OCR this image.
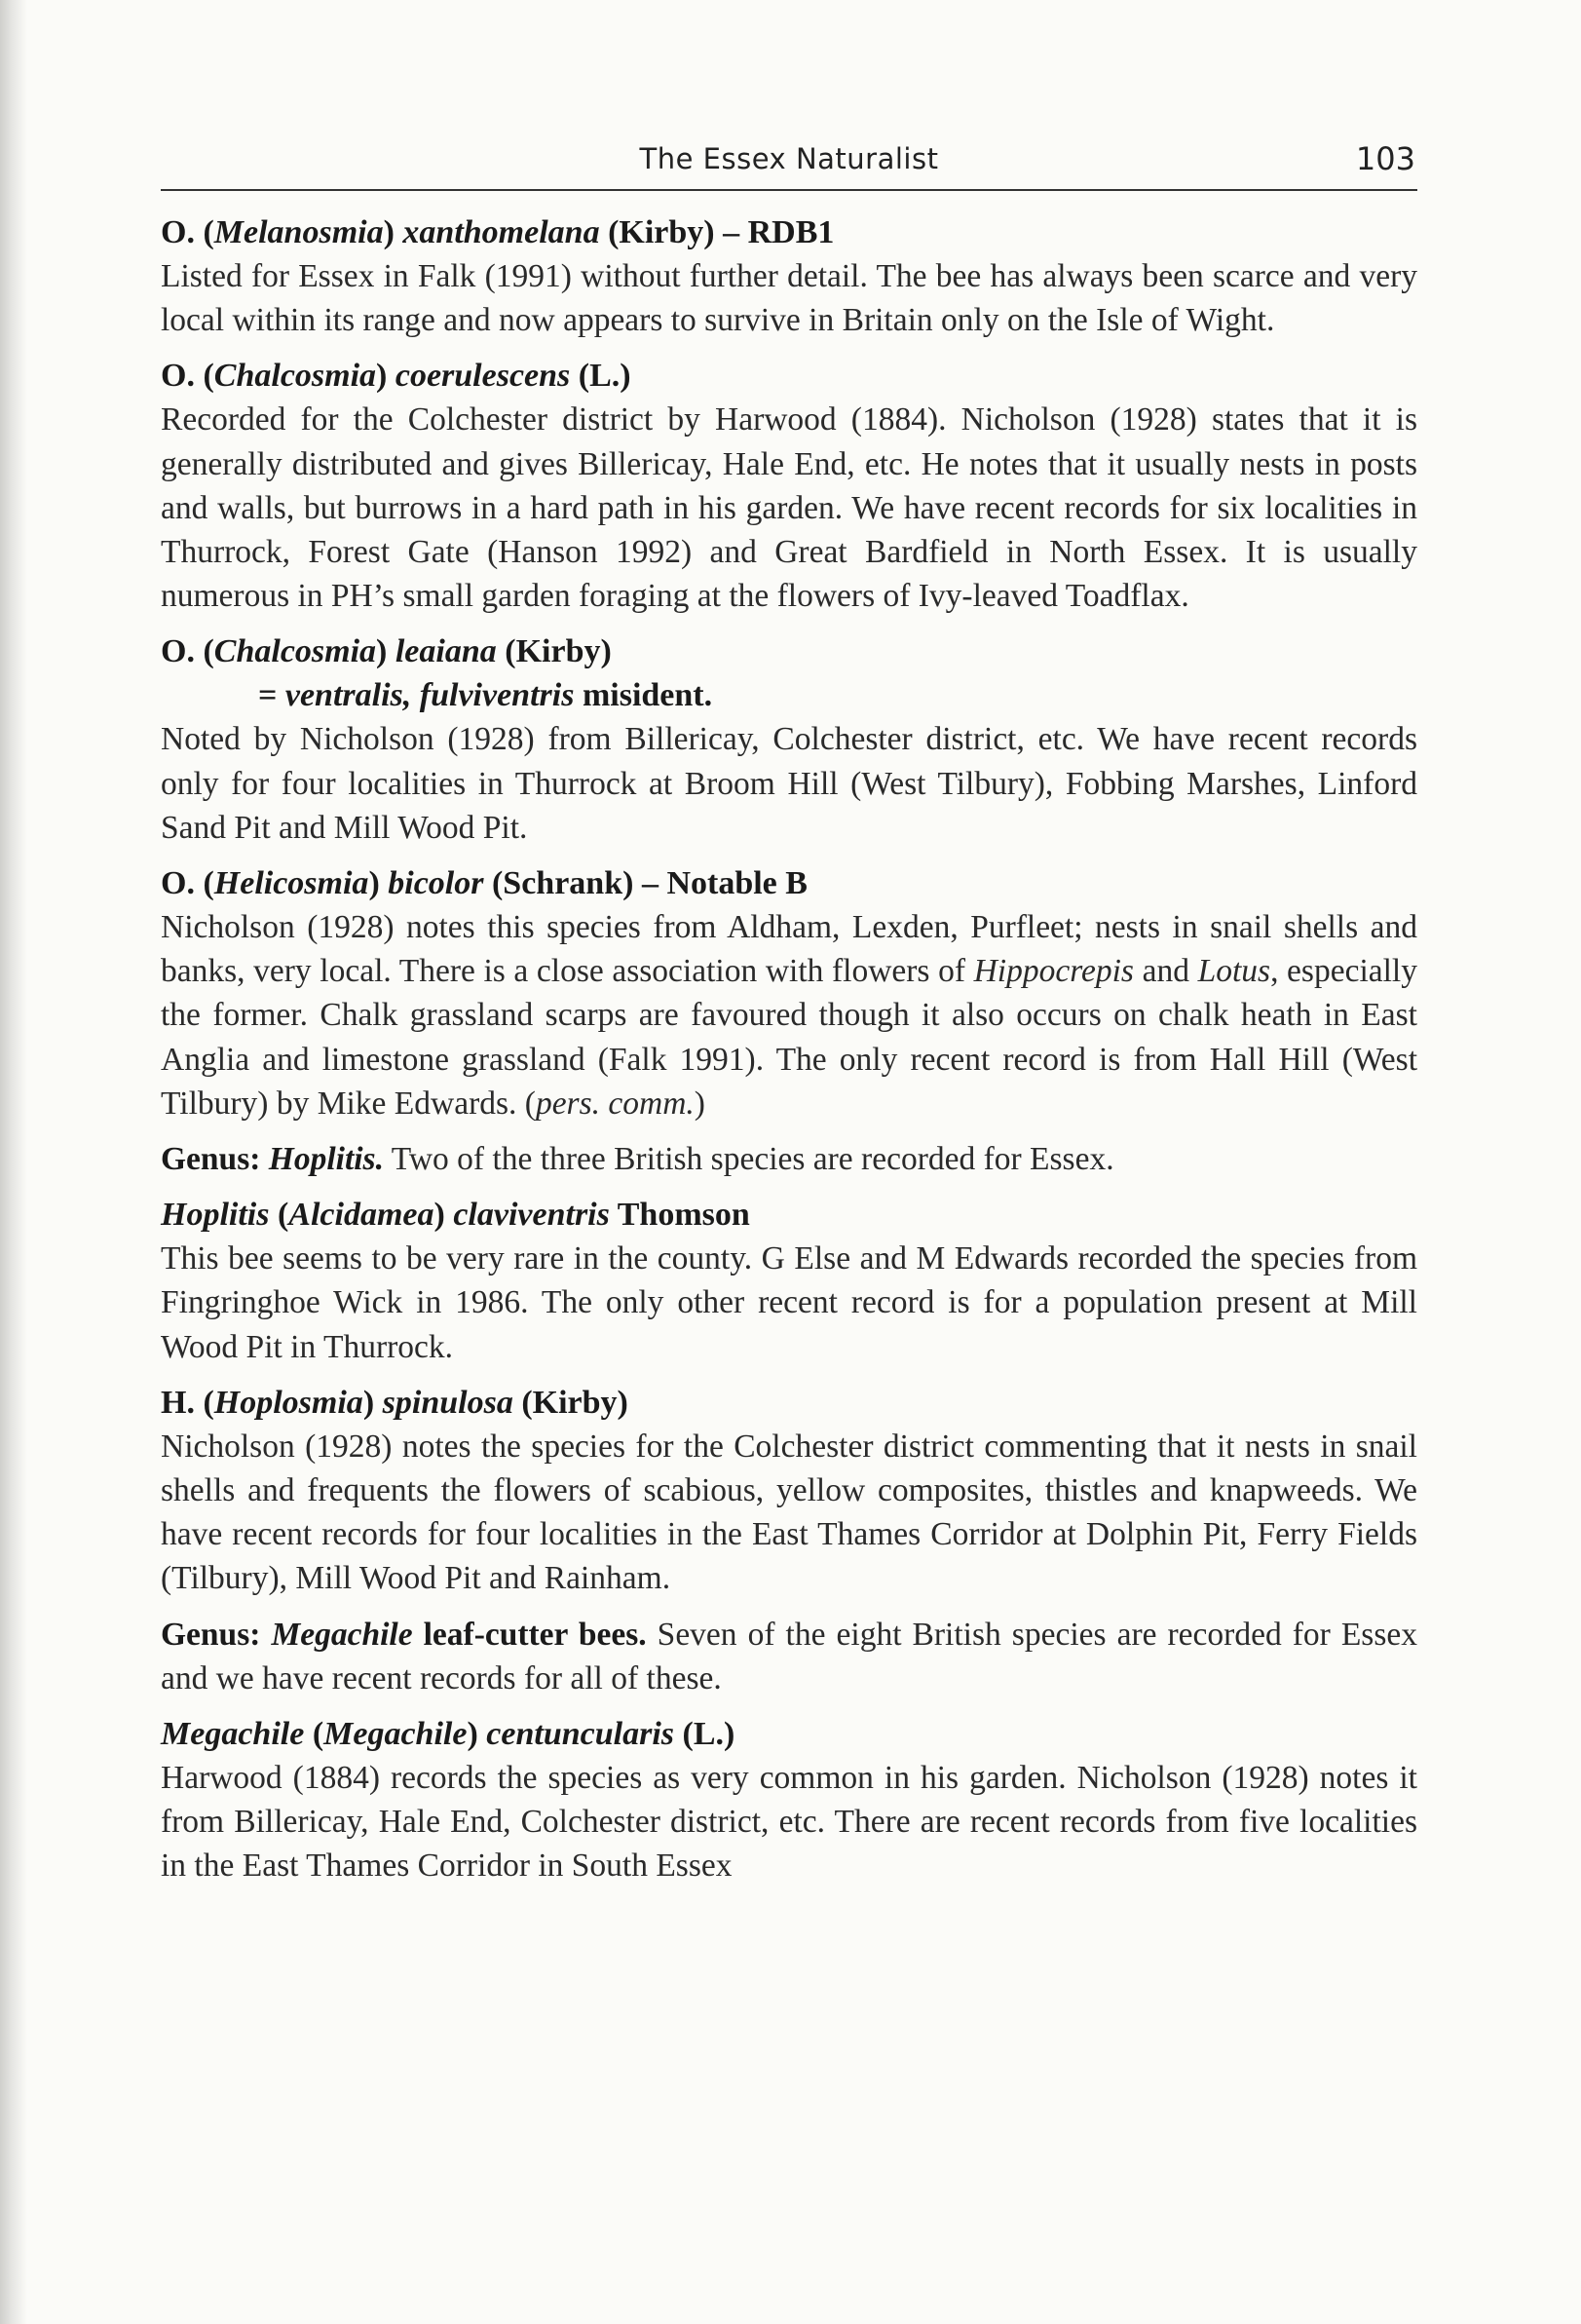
The Essex Naturalist	103
O. (Melanosmia) xanthomelana (Kirby) – RDB1

Listed for Essex in Falk (1991) without further detail. The bee has always been scarce and very local within its range and now appears to survive in Britain only on the Isle of Wight.

O. (Chalcosmia) coerulescens (L.)

Recorded for the Colchester district by Harwood (1884). Nicholson (1928) states that it is generally distributed and gives Billericay, Hale End, etc. He notes that it usually nests in posts and walls, but burrows in a hard path in his garden. We have recent records for six localities in Thurrock, Forest Gate (Hanson 1992) and Great Bardfield in North Essex. It is usually numerous in PH’s small garden foraging at the flowers of Ivy-leaved Toadflax.

O. (Chalcosmia) leaiana (Kirby)
= ventralis, fulviventris misident.

Noted by Nicholson (1928) from Billericay, Colchester district, etc. We have recent records only for four localities in Thurrock at Broom Hill (West Tilbury), Fobbing Marshes, Linford Sand Pit and Mill Wood Pit.

O. (Helicosmia) bicolor (Schrank) – Notable B

Nicholson (1928) notes this species from Aldham, Lexden, Purfleet; nests in snail shells and banks, very local. There is a close association with flowers of Hippocrepis and Lotus, especially the former. Chalk grassland scarps are favoured though it also occurs on chalk heath in East Anglia and limestone grassland (Falk 1991). The only recent record is from Hall Hill (West Tilbury) by Mike Edwards. (pers. comm.)

Genus: Hoplitis. Two of the three British species are recorded for Essex.
Hoplitis (Alcidamea) claviventris Thomson

This bee seems to be very rare in the county. G Else and M Edwards recorded the species from Fingringhoe Wick in 1986. The only other recent record is for a population present at Mill Wood Pit in Thurrock.

H. (Hoplosmia) spinulosa (Kirby)

Nicholson (1928) notes the species for the Colchester district commenting that it nests in snail shells and frequents the flowers of scabious, yellow composites, thistles and knapweeds. We have recent records for four localities in the East Thames Corridor at Dolphin Pit, Ferry Fields (Tilbury), Mill Wood Pit and Rainham.

Genus: Megachile leaf-cutter bees. Seven of the eight British species are recorded for Essex and we have recent records for all of these.
Megachile (Megachile) centuncularis (L.)

Harwood (1884) records the species as very common in his garden. Nicholson (1928) notes it from Billericay, Hale End, Colchester district, etc. There are recent records from five localities in the East Thames Corridor in South Essex
